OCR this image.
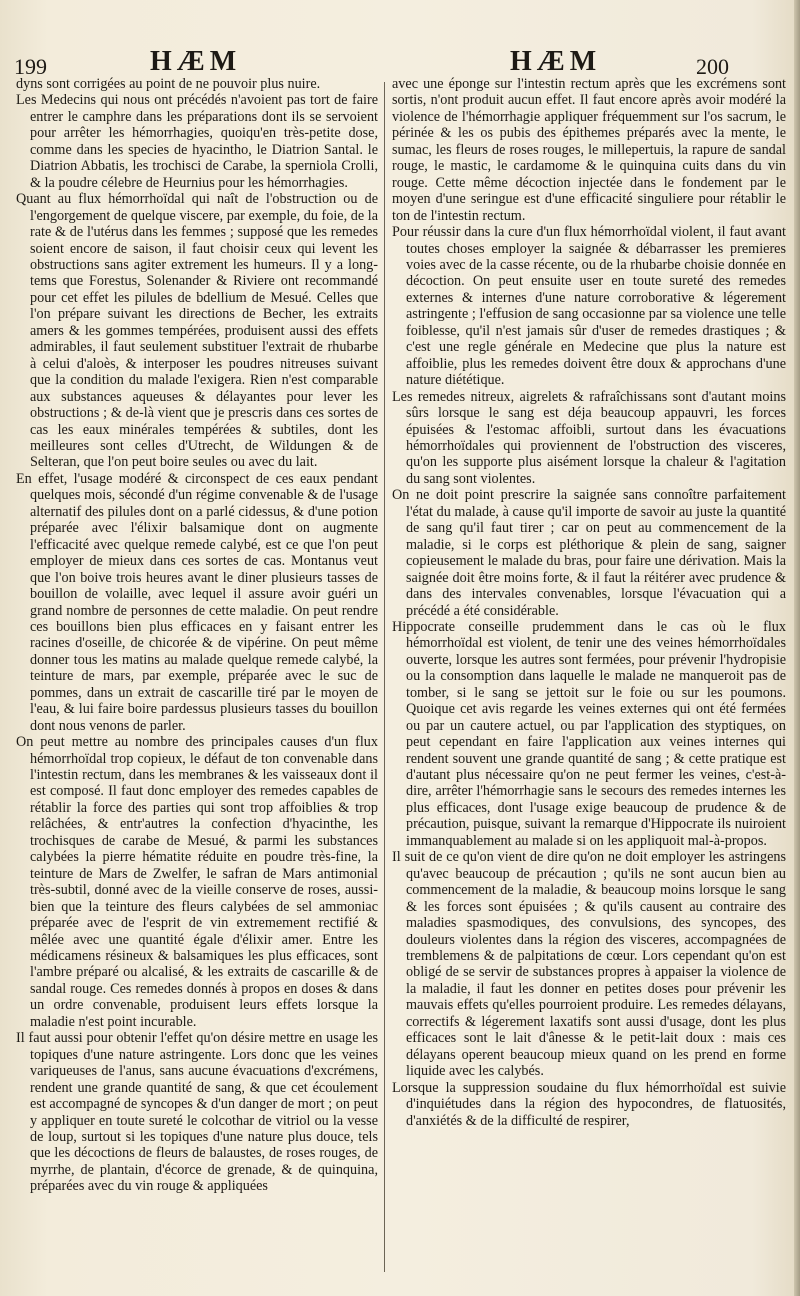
199	HÆM	HÆM	200

dyns sont corrigées au point de ne pouvoir plus nuire.

Les Medecins qui nous ont précédés n'avoient pas tort de faire entrer le camphre dans les préparations dont ils se servoient pour arrêter les hémorrhagies, quoiqu'en très-petite dose, comme dans les species de hyacintho, le Diatrion Santal. le Diatrion Abbatis, les trochisci de Carabe, la sperniola Crolli, & la poudre célebre de Heurnius pour les hémorrhagies.

Quant au flux hémorrhoïdal qui naît de l'obstruction ou de l'engorgement de quelque viscere, par exemple, du foie, de la rate & de l'utérus dans les femmes ; supposé que les remedes soient encore de saison, il faut choisir ceux qui levent les obstructions sans agiter extrement les humeurs. Il y a long-tems que Forestus, Solenander & Riviere ont recommandé pour cet effet les pilules de bdellium de Mesué. Celles que l'on prépare suivant les directions de Becher, les extraits amers & les gommes tempérées, produisent aussi des effets admirables, il faut seulement substituer l'extrait de rhubarbe à celui d'aloès, & interposer les poudres nitreuses suivant que la condition du malade l'exigera. Rien n'est comparable aux substances aqueuses & délayantes pour lever les obstructions ; & de-là vient que je prescris dans ces sortes de cas les eaux minérales tempérées & subtiles, dont les meilleures sont celles d'Utrecht, de Wildungen & de Selteran, que l'on peut boire seules ou avec du lait.

En effet, l'usage modéré & circonspect de ces eaux pendant quelques mois, sécondé d'un régime convenable & de l'usage alternatif des pilules dont on a parlé cidessus, & d'une potion préparée avec l'élixir balsamique dont on augmente l'efficacité avec quelque remede calybé, est ce que l'on peut employer de mieux dans ces sortes de cas. Montanus veut que l'on boive trois heures avant le diner plusieurs tasses de bouillon de volaille, avec lequel il assure avoir guéri un grand nombre de personnes de cette maladie. On peut rendre ces bouillons bien plus efficaces en y faisant entrer les racines d'oseille, de chicorée & de vipérine. On peut même donner tous les matins au malade quelque remede calybé, la teinture de mars, par exemple, préparée avec le suc de pommes, dans un extrait de cascarille tiré par le moyen de l'eau, & lui faire boire pardessus plusieurs tasses du bouillon dont nous venons de parler.

On peut mettre au nombre des principales causes d'un flux hémorrhoïdal trop copieux, le défaut de ton convenable dans l'intestin rectum, dans les membranes & les vaisseaux dont il est composé. Il faut donc employer des remedes capables de rétablir la force des parties qui sont trop affoiblies & trop relâchées, & entr'autres la confection d'hyacinthe, les trochisques de carabe de Mesué, & parmi les substances calybées la pierre hématite réduite en poudre très-fine, la teinture de Mars de Zwelfer, le safran de Mars antimonial très-subtil, donné avec de la vieille conserve de roses, aussi-bien que la teinture des fleurs calybées de sel ammoniac préparée avec de l'esprit de vin extremement rectifié & mêlée avec une quantité égale d'élixir amer. Entre les médicamens résineux & balsamiques les plus efficaces, sont l'ambre préparé ou alcalisé, & les extraits de cascarille & de sandal rouge. Ces remedes donnés à propos en doses & dans un ordre convenable, produisent leurs effets lorsque la maladie n'est point incurable.

Il faut aussi pour obtenir l'effet qu'on désire mettre en usage les topiques d'une nature astringente. Lors donc que les veines variqueuses de l'anus, sans aucune évacuations d'excrémens, rendent une grande quantité de sang, & que cet écoulement est accompagné de syncopes & d'un danger de mort ; on peut y appliquer en toute sureté le colcothar de vitriol ou la vesse de loup, surtout si les topiques d'une nature plus douce, tels que les décoctions de fleurs de balaustes, de roses rouges, de myrrhe, de plantain, d'écorce de grenade, & de quinquina, préparées avec du vin rouge & appliquées

avec une éponge sur l'intestin rectum après que les excrémens sont sortis, n'ont produit aucun effet. Il faut encore après avoir modéré la violence de l'hémorrhagie appliquer fréquemment sur l'os sacrum, le périnée & les os pubis des épithemes préparés avec la mente, le sumac, les fleurs de roses rouges, le millepertuis, la rapure de sandal rouge, le mastic, le cardamome & le quinquina cuits dans du vin rouge. Cette même décoction injectée dans le fondement par le moyen d'une seringue est d'une efficacité singuliere pour rétablir le ton de l'intestin rectum.

Pour réussir dans la cure d'un flux hémorrhoïdal violent, il faut avant toutes choses employer la saignée & débarrasser les premieres voies avec de la casse récente, ou de la rhubarbe choisie donnée en décoction. On peut ensuite user en toute sureté des remedes externes & internes d'une nature corroborative & légerement astringente ; l'effusion de sang occasionne par sa violence une telle foiblesse, qu'il n'est jamais sûr d'user de remedes drastiques ; & c'est une regle générale en Medecine que plus la nature est affoiblie, plus les remedes doivent être doux & approchans d'une nature diététique.

Les remedes nitreux, aigrelets & rafraîchissans sont d'autant moins sûrs lorsque le sang est déja beaucoup appauvri, les forces épuisées & l'estomac affoibli, surtout dans les évacuations hémorrhoïdales qui proviennent de l'obstruction des visceres, qu'on les supporte plus aisément lorsque la chaleur & l'agitation du sang sont violentes.

On ne doit point prescrire la saignée sans connoître parfaitement l'état du malade, à cause qu'il importe de savoir au juste la quantité de sang qu'il faut tirer ; car on peut au commencement de la maladie, si le corps est pléthorique & plein de sang, saigner copieusement le malade du bras, pour faire une dérivation. Mais la saignée doit être moins forte, & il faut la réitérer avec prudence & dans des intervales convenables, lorsque l'évacuation qui a précédé a été considérable.

Hippocrate conseille prudemment dans le cas où le flux hémorrhoïdal est violent, de tenir une des veines hémorrhoïdales ouverte, lorsque les autres sont fermées, pour prévenir l'hydropisie ou la consomption dans laquelle le malade ne manqueroit pas de tomber, si le sang se jettoit sur le foie ou sur les poumons. Quoique cet avis regarde les veines externes qui ont été fermées ou par un cautere actuel, ou par l'application des styptiques, on peut cependant en faire l'application aux veines internes qui rendent souvent une grande quantité de sang ; & cette pratique est d'autant plus nécessaire qu'on ne peut fermer les veines, c'est-à-dire, arrêter l'hémorrhagie sans le secours des remedes internes les plus efficaces, dont l'usage exige beaucoup de prudence & de précaution, puisque, suivant la remarque d'Hippocrate ils nuiroient immanquablement au malade si on les appliquoit mal-à-propos.

Il suit de ce qu'on vient de dire qu'on ne doit employer les astringens qu'avec beaucoup de précaution ; qu'ils ne sont aucun bien au commencement de la maladie, & beaucoup moins lorsque le sang & les forces sont épuisées ; & qu'ils causent au contraire des maladies spasmodiques, des convulsions, des syncopes, des douleurs violentes dans la région des visceres, accompagnées de tremblemens & de palpitations de cœur. Lors cependant qu'on est obligé de se servir de substances propres à appaiser la violence de la maladie, il faut les donner en petites doses pour prévenir les mauvais effets qu'elles pourroient produire. Les remedes délayans, correctifs & légerement laxatifs sont aussi d'usage, dont les plus efficaces sont le lait d'ânesse & le petit-lait doux : mais ces délayans operent beaucoup mieux quand on les prend en forme liquide avec les calybés.

Lorsque la suppression soudaine du flux hémorrhoïdal est suivie d'inquiétudes dans la région des hypocondres, de flatuosités, d'anxiétés & de la difficulté de respirer,
